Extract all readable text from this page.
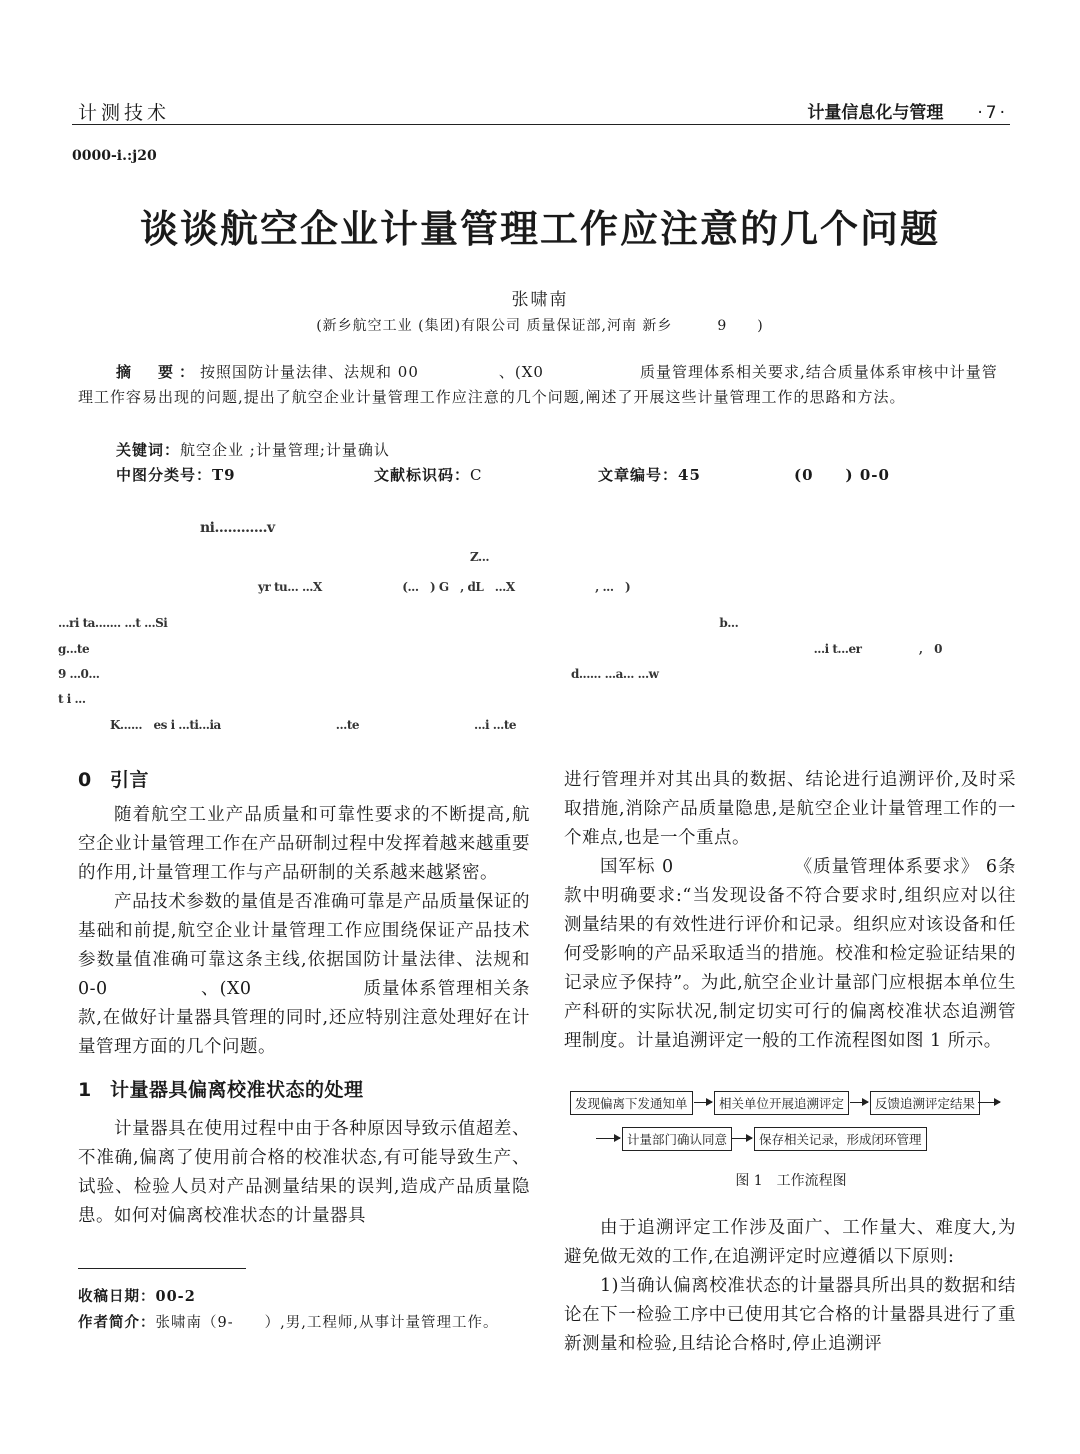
计测技术	计量信息化与管理 ·7·
0000-i.:j20
谈谈航空企业计量管理工作应注意的几个问题
张啸南
(新乡航空工业 (集团)有限公司 质量保证部,河南 新乡　　　9　　)
摘　要：按照国防计量法律、法规和 00　　　　　、(X0　　　　　　质量管理体系相关要求,结合质量体系审核中计量管理工作容易出现的问题,提出了航空企业计量管理工作应注意的几个问题,阐述了开展这些计量管理工作的思路和方法。
关键词：航空企业 ;计量管理;计量确认
中图分类号：T9	文献标识码：C	文章编号：45	(0　　) 0-0
ni............v
Z...
yr tu... ...X　　　　　　　(...　) G　, dL　...X　　　　　　　, ...　)
...ri ta....... ...t ...Si　　　　　　　　　　　　　　　　　　　　　　　　　　　　　　　　　　　　　　　　　　　　　　　　b...
g...te　　　　　　　　　　　　　　　　　　　　　　　　　　　　　　　　　　　　　　　　　　　　　　　　　　　　　　　　　　　　　　　...i t...er　　　　　,　0
9 ...0...　　　　　　　　　　　　　　　　　　　　　　　　　　　　　　　　　　　　　　　　　d...... ...a... ...w
t i ...
K......　es i ...ti...ia　　　　　　　　　　...te　　　　　　　　　　...i ...te
0 引言

随着航空工业产品质量和可靠性要求的不断提高,航空企业计量管理工作在产品研制过程中发挥着越来越重要的作用,计量管理工作与产品研制的关系越来越紧密。

产品技术参数的量值是否准确可靠是产品质量保证的基础和前提,航空企业计量管理工作应围绕保证产品技术参数量值准确可靠这条主线,依据国防计量法律、法规和 0-0　　　　　、(X0　　　　　　质量体系管理相关条款,在做好计量器具管理的同时,还应特别注意处理好在计量管理方面的几个问题。

1 计量器具偏离校准状态的处理

计量器具在使用过程中由于各种原因导致示值超差、不准确,偏离了使用前合格的校准状态,有可能导致生产、试验、检验人员对产品测量结果的误判,造成产品质量隐患。如何对偏离校准状态的计量器具

进行管理并对其出具的数据、结论进行追溯评价,及时采取措施,消除产品质量隐患,是航空企业计量管理工作的一个难点,也是一个重点。

国军标 0　　　　　　　《质量管理体系要求》 6条款中明确要求:“当发现设备不符合要求时,组织应对以往测量结果的有效性进行评价和记录。组织应对该设备和任何受影响的产品采取适当的措施。校准和检定验证结果的记录应予保持”。为此,航空企业计量部门应根据本单位生产科研的实际状况,制定切实可行的偏离校准状态追溯管理制度。计量追溯评定一般的工作流程图如图 1 所示。

发现偏离下发通知单	相关单位开展追溯评定	反馈追溯评定结果
计量部门确认同意	保存相关记录，形成闭环管理
图 1　工作流程图

由于追溯评定工作涉及面广、工作量大、难度大,为避免做无效的工作,在追溯评定时应遵循以下原则:

1)当确认偏离校准状态的计量器具所出具的数据和结论在下一检验工序中已使用其它合格的计量器具进行了重新测量和检验,且结论合格时,停止追溯评

收稿日期：00-2
作者简介：张啸南（9-　　）,男,工程师,从事计量管理工作。
